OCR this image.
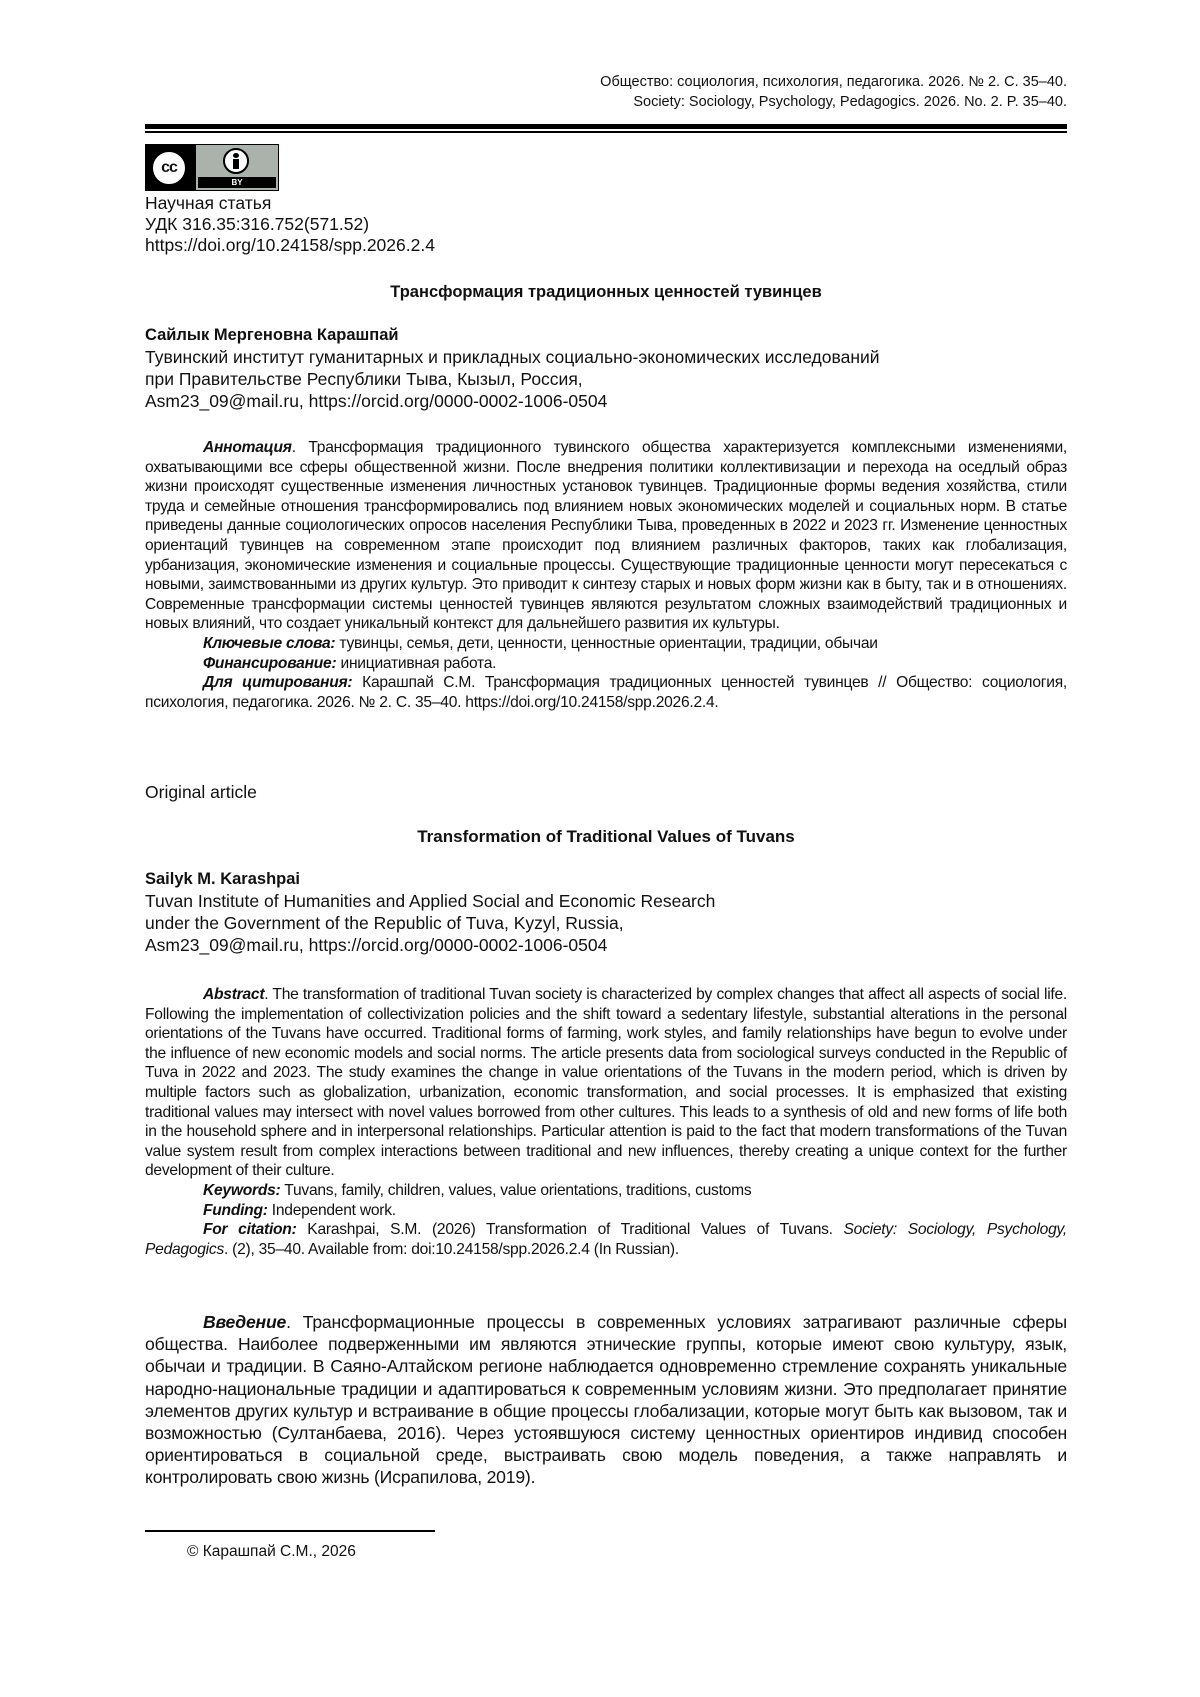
Общество: социология, психология, педагогика. 2026. № 2. С. 35–40.
Society: Sociology, Psychology, Pedagogics. 2026. No. 2. P. 35–40.
cc
BY
Научная статья
УДК 316.35:316.752(571.52)
https://doi.org/10.24158/spp.2026.2.4
Трансформация традиционных ценностей тувинцев
Сайлык Мергеновна Карашпай
Тувинский институт гуманитарных и прикладных социально-экономических исследований
при Правительстве Республики Тыва, Кызыл, Россия,
Asm23_09@mail.ru, https://orcid.org/0000-0002-1006-0504

Аннотация. Трансформация традиционного тувинского общества характеризуется комплексными изменениями, охватывающими все сферы общественной жизни. После внедрения политики коллективизации и перехода на оседлый образ жизни происходят существенные изменения личностных установок тувинцев. Традиционные формы ведения хозяйства, стили труда и семейные отношения трансформировались под влиянием новых экономических моделей и социальных норм. В статье приведены данные социологических опросов населения Республики Тыва, проведенных в 2022 и 2023 гг. Изменение ценностных ориентаций тувинцев на современном этапе происходит под влиянием различных факторов, таких как глобализация, урбанизация, экономические изменения и социальные процессы. Существующие традиционные ценности могут пересекаться с новыми, заимствованными из других культур. Это приводит к синтезу старых и новых форм жизни как в быту, так и в отношениях. Современные трансформации системы ценностей тувинцев являются результатом сложных взаимодействий традиционных и новых влияний, что создает уникальный контекст для дальнейшего развития их культуры.

Ключевые слова: тувинцы, семья, дети, ценности, ценностные ориентации, традиции, обычаи

Финансирование: инициативная работа.

Для цитирования: Карашпай С.М. Трансформация традиционных ценностей тувинцев // Общество: социология, психология, педагогика. 2026. № 2. С. 35–40. https://doi.org/10.24158/spp.2026.2.4.

Original article
Transformation of Traditional Values of Tuvans
Sailyk M. Karashpai
Tuvan Institute of Humanities and Applied Social and Economic Research
under the Government of the Republic of Tuva, Kyzyl, Russia,
Asm23_09@mail.ru, https://orcid.org/0000-0002-1006-0504

Abstract. The transformation of traditional Tuvan society is characterized by complex changes that affect all aspects of social life. Following the implementation of collectivization policies and the shift toward a sedentary lifestyle, substantial alterations in the personal orientations of the Tuvans have occurred. Traditional forms of farming, work styles, and family relationships have begun to evolve under the influence of new economic models and social norms. The article presents data from sociological surveys conducted in the Republic of Tuva in 2022 and 2023. The study examines the change in value orientations of the Tuvans in the modern period, which is driven by multiple factors such as globalization, urbanization, economic transformation, and social processes. It is emphasized that existing traditional values may intersect with novel values borrowed from other cultures. This leads to a synthesis of old and new forms of life both in the household sphere and in interpersonal relationships. Particular attention is paid to the fact that modern transformations of the Tuvan value system result from complex interactions between traditional and new influences, thereby creating a unique context for the further development of their culture.

Keywords: Tuvans, family, children, values, value orientations, traditions, customs

Funding: Independent work.

For citation: Karashpai, S.M. (2026) Transformation of Traditional Values of Tuvans. Society: Sociology, Psychology, Pedagogics. (2), 35–40. Available from: doi:10.24158/spp.2026.2.4 (In Russian).

Введение. Трансформационные процессы в современных условиях затрагивают различные сферы общества. Наиболее подверженными им являются этнические группы, которые имеют свою культуру, язык, обычаи и традиции. В Саяно-Алтайском регионе наблюдается одновременно стремление сохранять уникальные народно-национальные традиции и адаптироваться к современным условиям жизни. Это предполагает принятие элементов других культур и встраивание в общие процессы глобализации, которые могут быть как вызовом, так и возможностью (Султанбаева, 2016). Через устоявшуюся систему ценностных ориентиров индивид способен ориентироваться в социальной среде, выстраивать свою модель поведения, а также направлять и контролировать свою жизнь (Исрапилова, 2019).

© Карашпай С.М., 2026
